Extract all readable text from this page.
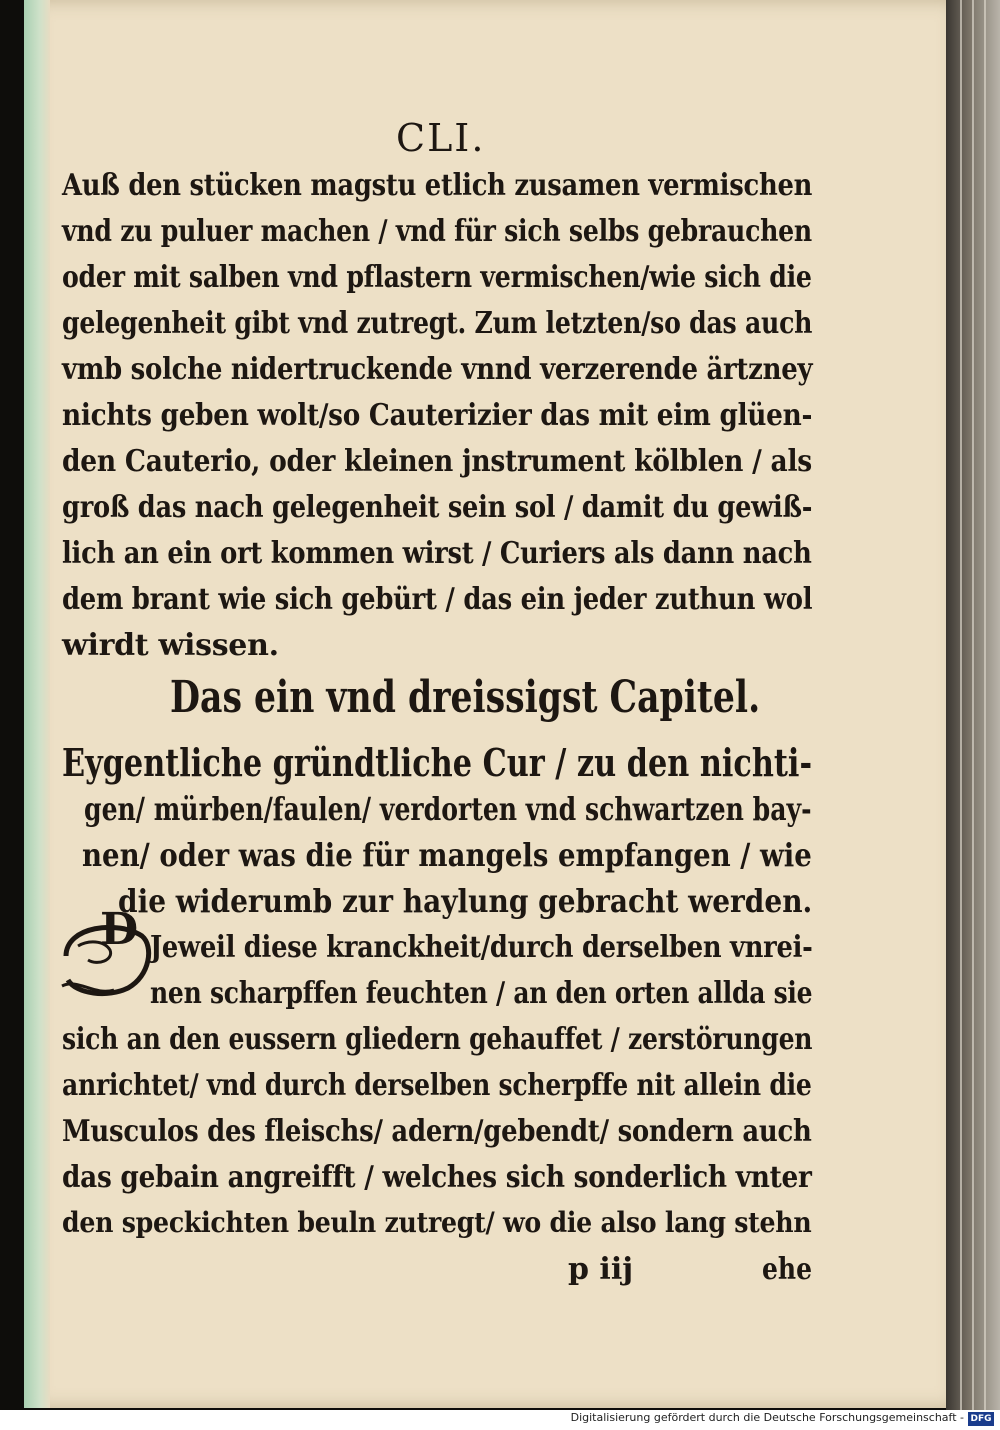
CLI.
Auß den stücken magstu etlich zusamen vermischen
vnd zu puluer machen / vnd für sich selbs gebrauchen
oder mit salben vnd pflastern vermischen/wie sich die
gelegenheit gibt vnd zutregt. Zum letzten/so das auch
vmb solche nidertruckende vnnd verzerende ärtzney
nichts geben wolt/so Cauterizier das mit eim glüen-
den Cauterio, oder kleinen jnstrument kölblen / als
groß das nach gelegenheit sein sol / damit du gewiß-
lich an ein ort kommen wirst / Curiers als dann nach
dem brant wie sich gebürt / das ein jeder zuthun wol
wirdt wissen.
Das ein vnd dreissigst Capitel.
Eygentliche gründtliche Cur / zu den nichti-
gen/ mürben/faulen/ verdorten vnd schwartzen bay-
nen/ oder was die für mangels empfangen / wie
die widerumb zur haylung gebracht werden.
D Jeweil diese kranckheit/durch derselben vnrei-
nen scharpffen feuchten / an den orten allda sie
sich an den eussern gliedern gehauffet / zerstörungen
anrichtet/ vnd durch derselben scherpffe nit allein die
Musculos des fleischs/ adern/gebendt/ sondern auch
das gebain angreifft / welches sich sonderlich vnter
den speckichten beuln zutregt/ wo die also lang stehn
p iij	ehe
Digitalisierung gefördert durch die Deutsche Forschungsgemeinschaft - DFG
